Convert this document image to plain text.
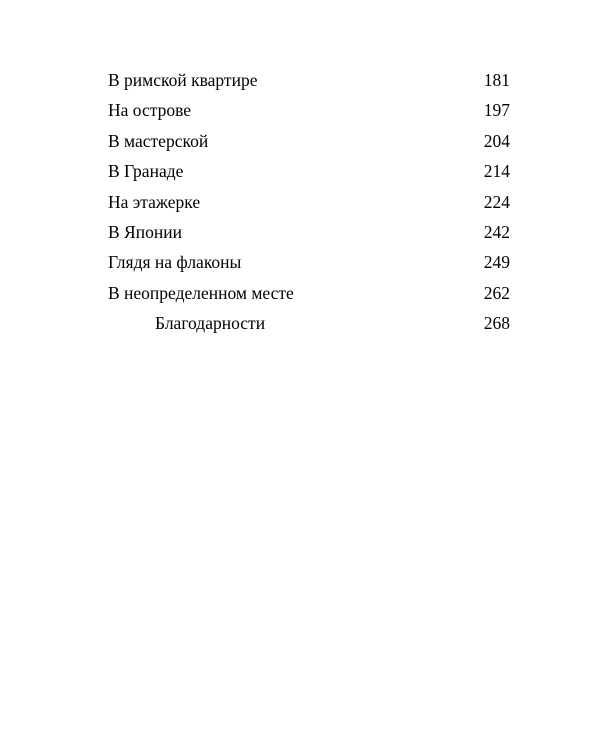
В римской квартире	181
На острове	197
В мастерской	204
В Гранаде	214
На этажерке	224
В Японии	242
Глядя на флаконы	249
В неопределенном месте	262
Благодарности	268
